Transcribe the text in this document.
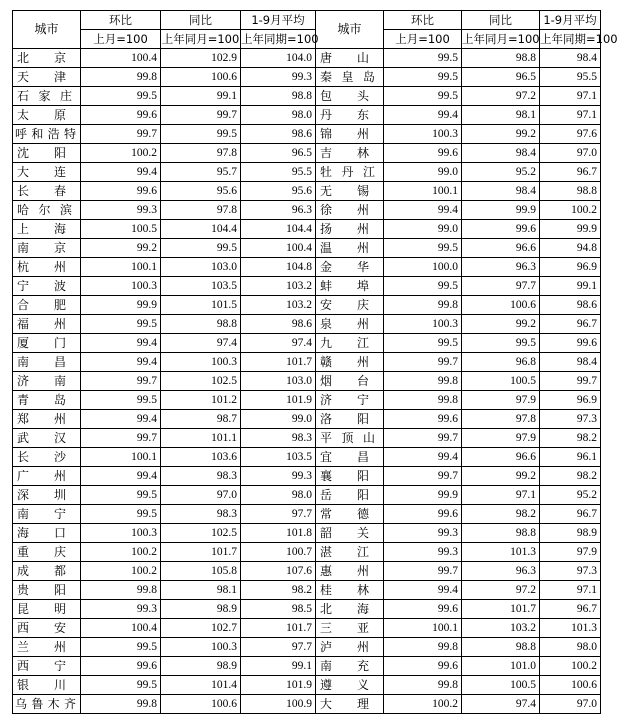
城市	环比	同比	1-9月平均	城市	环比	同比	1-9月平均
	上月=100	上年同月=100	上年同期=100		上月=100	上年同月=100	上年同期=100

北 京	100.4	102.9	104.0	唐 山	99.5	98.8	98.4

天 津	99.8	100.6	99.3	秦 皇 岛	99.5	96.5	95.5

石 家 庄	99.5	99.1	98.8	包 头	99.5	97.2	97.1

太 原	99.6	99.7	98.0	丹 东	99.4	98.1	97.1

呼 和 浩 特	99.7	99.5	98.6	锦 州	100.3	99.2	97.6

沈 阳	100.2	97.8	96.5	吉 林	99.6	98.4	97.0

大 连	99.4	95.7	95.5	牡 丹 江	99.0	95.2	96.7

长 春	99.6	95.6	95.6	无 锡	100.1	98.4	98.8

哈 尔 滨	99.3	97.8	96.3	徐 州	99.4	99.9	100.2

上 海	100.5	104.4	104.4	扬 州	99.0	99.6	99.9

南 京	99.2	99.5	100.4	温 州	99.5	96.6	94.8

杭 州	100.1	103.0	104.8	金 华	100.0	96.3	96.9

宁 波	100.3	103.5	103.2	蚌 埠	99.5	97.7	99.1

合 肥	99.9	101.5	103.2	安 庆	99.8	100.6	98.6

福 州	99.5	98.8	98.6	泉 州	100.3	99.2	96.7

厦 门	99.4	97.4	97.4	九 江	99.5	99.5	99.6

南 昌	99.4	100.3	101.7	赣 州	99.7	96.8	98.4

济 南	99.7	102.5	103.0	烟 台	99.8	100.5	99.7

青 岛	99.5	101.2	101.9	济 宁	99.8	97.9	96.9

郑 州	99.4	98.7	99.0	洛 阳	99.6	97.8	97.3

武 汉	99.7	101.1	98.3	平 顶 山	99.7	97.9	98.2

长 沙	100.1	103.6	103.5	宜 昌	99.4	96.6	96.1

广 州	99.4	98.3	99.3	襄 阳	99.7	99.2	98.2

深 圳	99.5	97.0	98.0	岳 阳	99.9	97.1	95.2

南 宁	99.5	98.3	97.7	常 德	99.6	98.2	96.7

海 口	100.3	102.5	101.8	韶 关	99.3	98.8	98.9

重 庆	100.2	101.7	100.7	湛 江	99.3	101.3	97.9

成 都	100.2	105.8	107.6	惠 州	99.7	96.3	97.3

贵 阳	99.8	98.1	98.2	桂 林	99.4	97.2	97.1

昆 明	99.3	98.9	98.5	北 海	99.6	101.7	96.7

西 安	100.4	102.7	101.7	三 亚	100.1	103.2	101.3

兰 州	99.5	100.3	97.7	泸 州	99.8	98.8	98.0

西 宁	99.6	98.9	99.1	南 充	99.6	101.0	100.2

银 川	99.5	101.4	101.9	遵 义	99.8	100.5	100.6

乌 鲁 木 齐	99.8	100.6	100.9	大 理	100.2	97.4	97.0
